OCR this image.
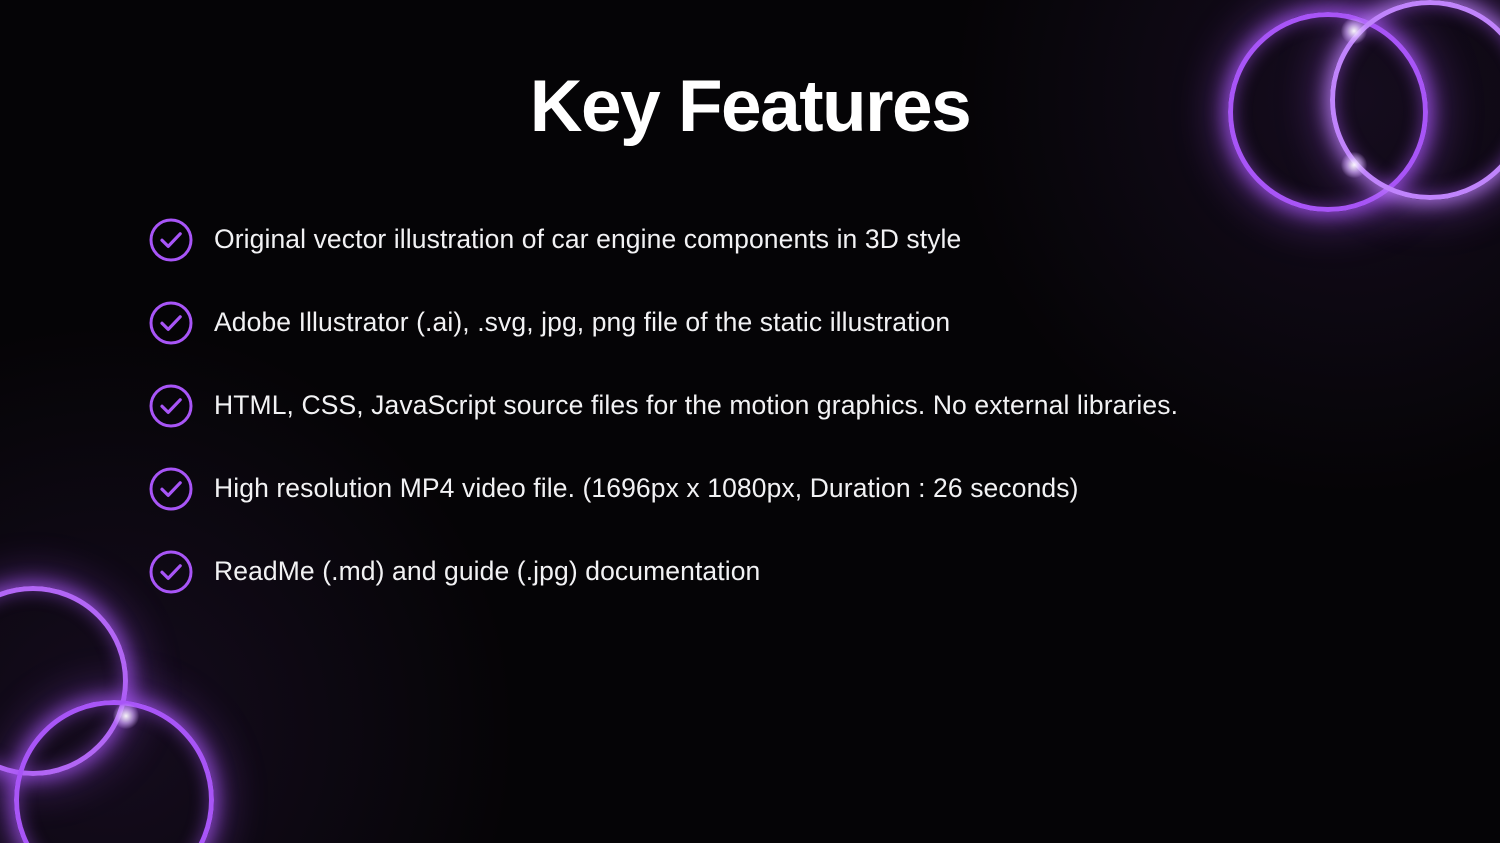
Key Features
Original vector illustration of car engine components in 3D style
Adobe Illustrator (.ai), .svg, jpg, png file of the static illustration
HTML, CSS, JavaScript source files for the motion graphics. No external libraries.
High resolution MP4 video file. (1696px x 1080px, Duration : 26 seconds)
ReadMe (.md) and guide (.jpg) documentation
